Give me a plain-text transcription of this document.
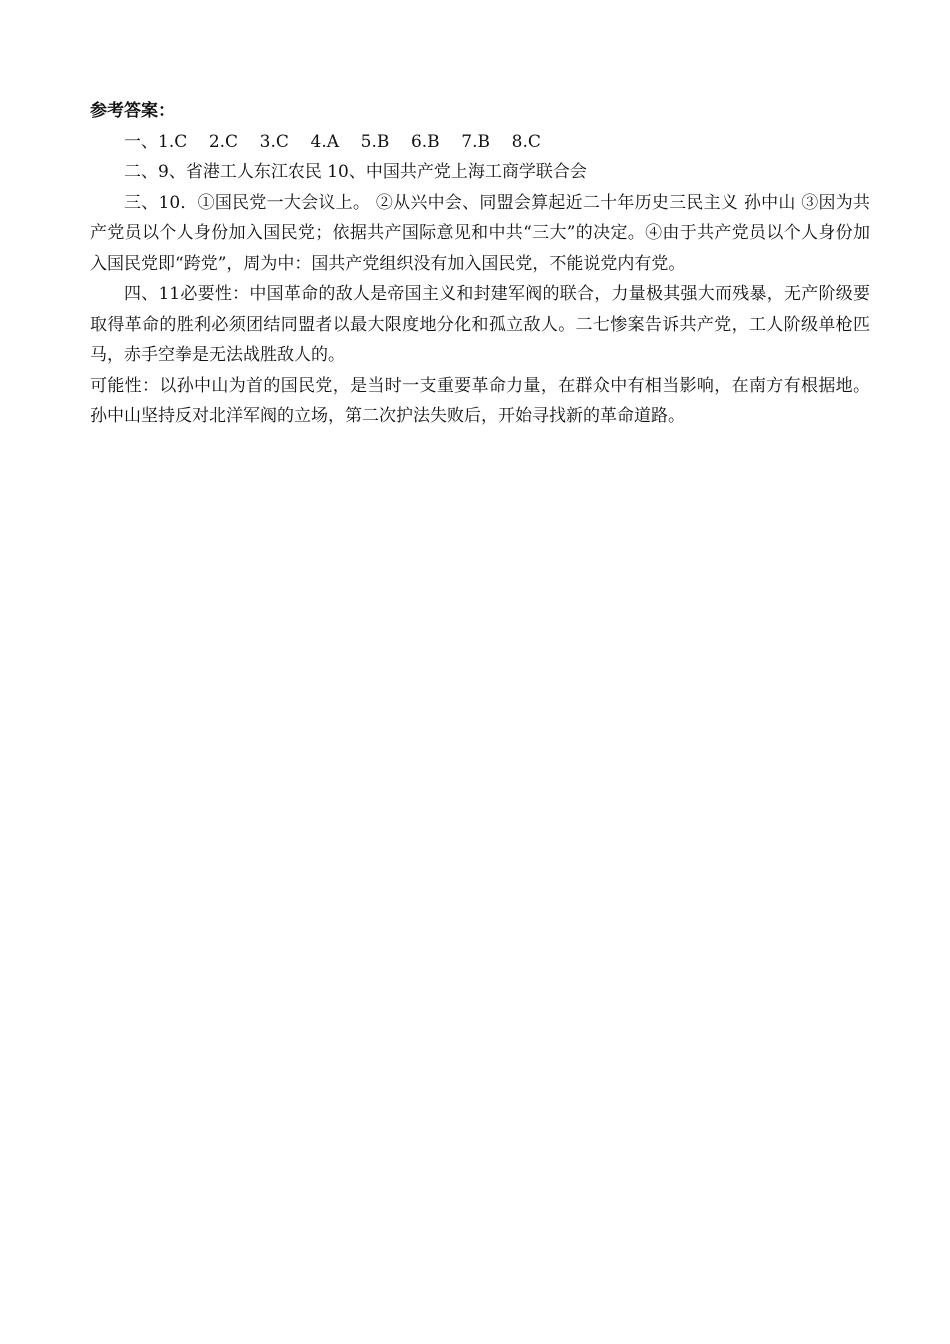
参考答案：

一、1.C    2.C    3.C    4.A    5.B    6.B    7.B    8.C

二、9、省港工人东江农民 10、中国共产党上海工商学联合会

三、10．①国民党一大会议上。 ②从兴中会、同盟会算起近二十年历史三民主义 孙中山 ③因为共产党员以个人身份加入国民党；依据共产国际意见和中共“三大”的决定。④由于共产党员以个人身份加入国民党即“跨党”，周为中：国共产党组织没有加入国民党，不能说党内有党。

四、11必要性：中国革命的敌人是帝国主义和封建军阀的联合，力量极其强大而残暴，无产阶级要取得革命的胜利必须团结同盟者以最大限度地分化和孤立敌人。二七惨案告诉共产党，工人阶级单枪匹马，赤手空拳是无法战胜敌人的。

可能性：以孙中山为首的国民党，是当时一支重要革命力量，在群众中有相当影响，在南方有根据地。孙中山坚持反对北洋军阀的立场，第二次护法失败后，开始寻找新的革命道路。
